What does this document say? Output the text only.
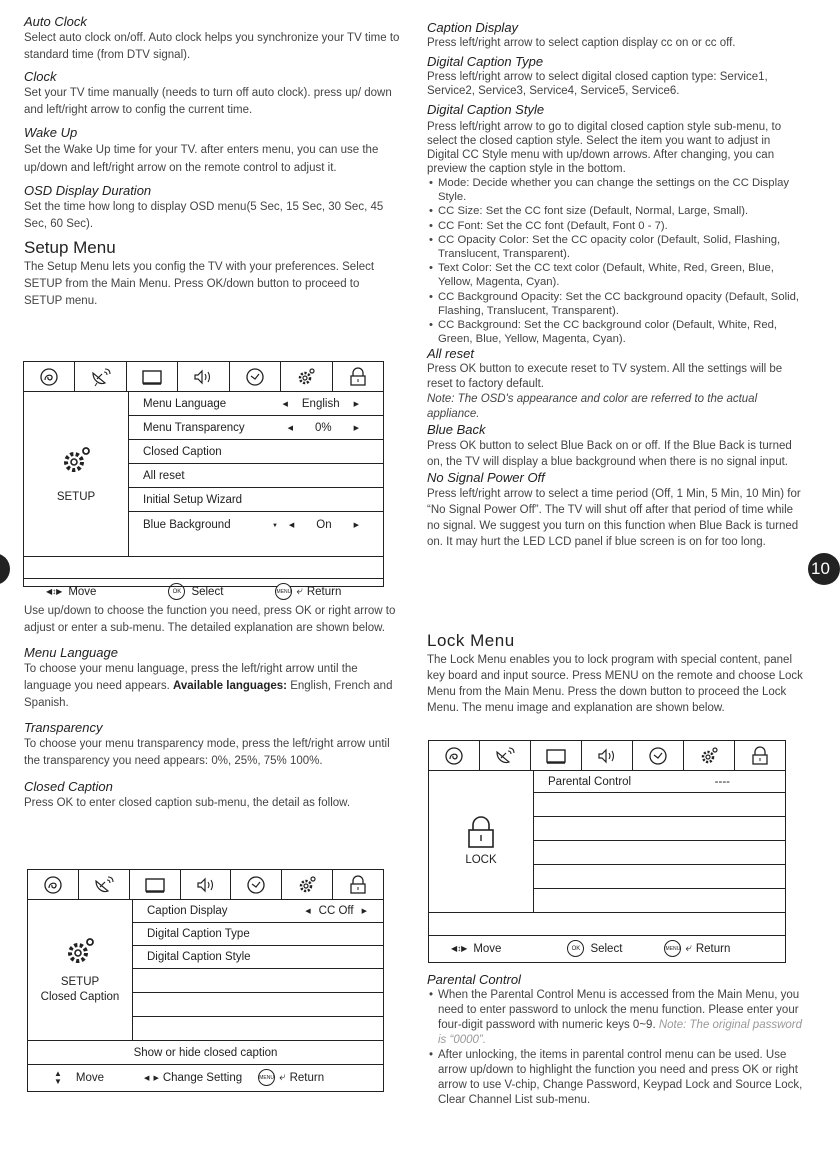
10
Auto Clock

Select auto clock on/off. Auto clock helps you synchronize your TV time to standard time (from DTV signal).

Clock

Set your TV time manually (needs to turn off auto clock). press up/ down and left/right arrow to config the current time.

Wake Up

Set the Wake Up time for your TV. after enters menu, you can use the up/down and left/right arrow on the remote control to adjust it.

OSD Display Duration

Set the time how long to display OSD menu(5 Sec, 15 Sec, 30 Sec, 45 Sec, 60 Sec).

Setup Menu

The Setup Menu lets you config the TV with your preferences. Select SETUP from the Main Menu. Press OK/down button to proceed to SETUP menu.

Use up/down to choose the function you need, press OK or right arrow to adjust or enter a sub-menu. The detailed explanation are shown below.

Menu Language

To choose your menu language, press the left/right arrow until the language you need appears. Available languages: English, French and Spanish.

Transparency

To choose your menu transparency mode, press the left/right arrow until the transparency you need appears: 0%, 25%, 75% 100%.

Closed Caption

Press OK to enter closed caption sub-menu, the detail as follow.

SETUP
Menu Language	◀ English ▶
Menu Transparency	◀	0%	▶
Closed Caption
All reset
Initial Setup Wizard
Blue Background	▼ ◀	On	▶
◀↕▶ Move	OK Select	MENU ⤶ Return
SETUP
Closed Caption
Caption Display	◀ CC Off ▶
Digital Caption Type
Digital Caption Style
Show or hide closed caption
▲
▼ Move	◀ ▶ Change Setting	MENU ⤶ Return
Caption Display

Press left/right arrow to select caption display cc on or cc off.

Digital Caption Type

Press left/right arrow to select digital closed caption type: Service1, Service2, Service3, Service4, Service5, Service6.

Digital Caption Style

Press left/right arrow to go to digital closed caption style sub-menu, to select the closed caption style. Select the item you want to adjust in Digital CC Style menu with up/down arrows. After changing, you can preview the caption style in the bottom.

• Mode: Decide whether you can change the settings on the CC Display Style.
• CC Size: Set the CC font size (Default, Normal, Large, Small).
• CC Font: Set the CC font (Default, Font 0 - 7).
• CC Opacity Color: Set the CC opacity color (Default, Solid, Flashing, Translucent, Transparent).
• Text Color: Set the CC text color (Default, White, Red, Green, Blue, Yellow, Magenta, Cyan).
• CC Background Opacity: Set the CC background opacity (Default, Solid, Flashing, Translucent, Transparent).
• CC Background: Set the CC background color (Default, White, Red, Green, Blue, Yellow, Magenta, Cyan).
All reset

Press OK button to execute reset to TV system. All the settings will be reset to factory default.

Note: The OSD's appearance and color are referred to the actual appliance.

Blue Back

Press OK button to select Blue Back on or off. If the Blue Back is turned on, the TV will display a blue background when there is no signal input.

No Signal Power Off

Press left/right arrow to select a time period (Off, 1 Min, 5 Min, 10 Min) for “No Signal Power Off”. The TV will shut off after that period of time while no signal. We suggest you turn on this function when Blue Back is turned on. It may hurt the LED LCD panel if blue screen is on for too long.

Lock Menu

The Lock Menu enables you to lock program with special content, panel key board and input source. Press MENU on the remote and choose Lock Menu from the Main Menu. Press the down button to proceed the Lock Menu. The menu image and explanation are shown below.

LOCK
Parental Control	----
◀↕▶ Move	OK Select	MENU ⤶ Return
Parental Control
• When the Parental Control Menu is accessed from the Main Menu, you need to enter password to unlock the menu function. Please enter your four-digit password with numeric keys 0~9. Note: The original password is “0000”.
• After unlocking, the items in parental control menu can be used. Use arrow up/down to highlight the function you need and press OK or right arrow to use V-chip, Change Password, Keypad Lock and Source Lock, Clear Channel List sub-menu.
